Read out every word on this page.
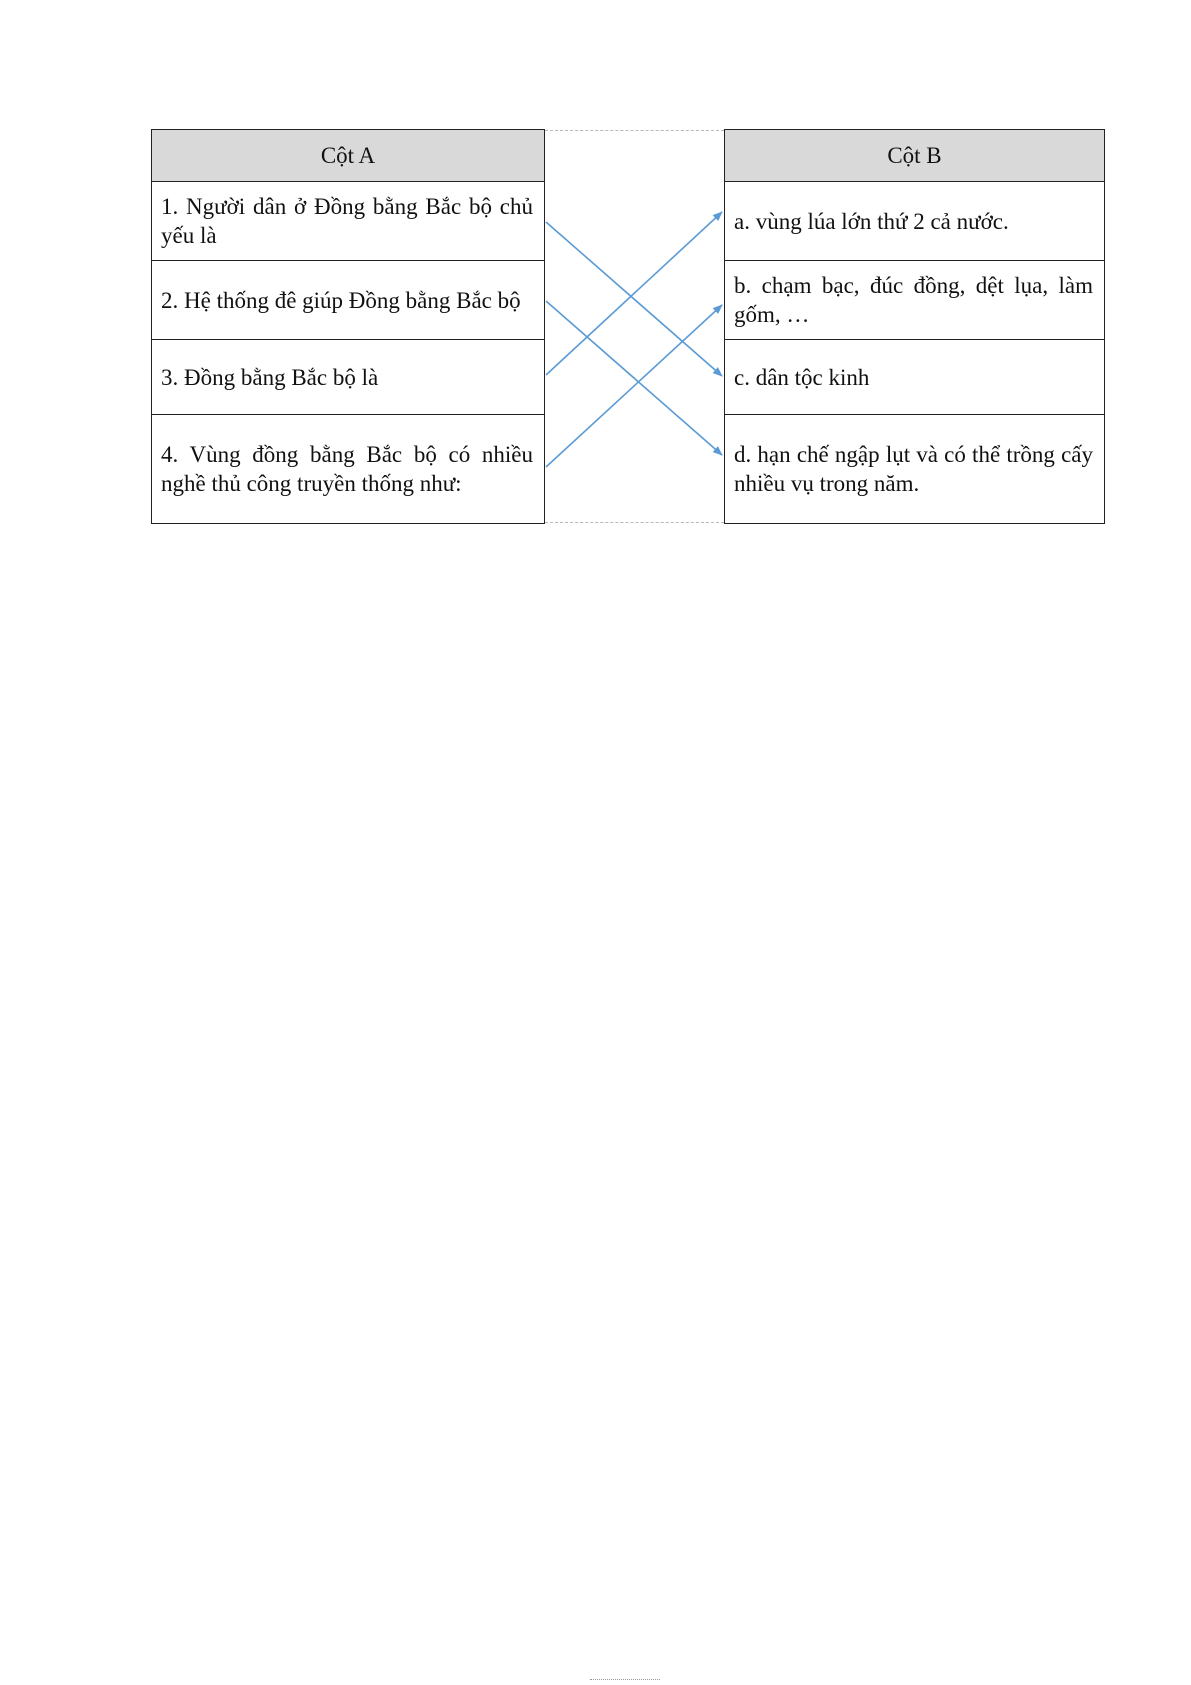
Cột A
1. Người dân ở Đồng bằng Bắc bộ chủ yếu là
2. Hệ thống đê giúp Đồng bằng Bắc bộ
3. Đồng bằng Bắc bộ là
4. Vùng đồng bằng Bắc bộ có nhiều nghề thủ công truyền thống như:
Cột B
a. vùng lúa lớn thứ 2 cả nước.
b. chạm bạc, đúc đồng, dệt lụa, làm gốm, …
c. dân tộc kinh
d. hạn chế ngập lụt và có thể trồng cấy nhiều vụ trong năm.
